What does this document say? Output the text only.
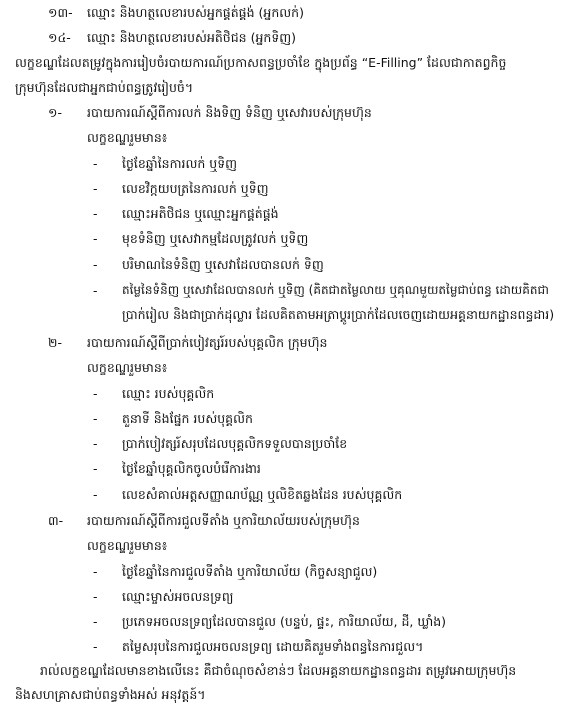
១៣- ឈ្មោះ និងហត្ថលេខារបស់អ្នកផ្គត់ផ្គង់ (អ្នកលក់)
១៤- ឈ្មោះ និងហត្ថលេខារបស់អតិថិជន (អ្នកទិញ)
លក្ខខណ្ឌដែលតម្រូវក្នុងការរៀបចំរបាយការណ៍ប្រកាសពន្ធប្រចាំខែ ក្នុងប្រព័ន្ធ “E-Filling” ដែលជាកាតព្វកិច្ច
ក្រុមហ៊ុនដែលជាអ្នកជាប់ពន្ធត្រូវរៀបចំ។
១- របាយការណ៍ស្តីពីការលក់ និងទិញ ទំនិញ ឬសេវារបស់ក្រុមហ៊ុន
លក្ខខណ្ឌរួមមាន៖
- ថ្ងៃខែឆ្នាំនៃការលក់ ឬទិញ
- លេខវិក្កយបត្រនៃការលក់ ឬទិញ
- ឈ្មោះអតិថិជន ឬឈ្មោះអ្នកផ្គត់ផ្គង់
- មុខទំនិញ ឬសេវាកម្មដែលត្រូវលក់ ឬទិញ
- បរិមាណនៃទំនិញ ឬសេវាដែលបានលក់ ទិញ
- តម្លៃនៃទំនិញ ឬសេវាដែលបានលក់ ឬទិញ (គិតជាតម្លៃលាយ ឬគុណមួយតម្លៃជាប់ពន្ធ ដោយគិតជា
ប្រាក់រៀល និងជាប្រាក់ដុល្លារ ដែលគិតតាមអត្រាប្តូរប្រាក់ដែលចេញដោយអគ្គនាយកដ្ឋានពន្ធដារ)
២- របាយការណ៍ស្តីពីប្រាក់បៀវត្សរ៍របស់បុគ្គលិក ក្រុមហ៊ុន
លក្ខខណ្ឌរួមមាន៖
- ឈ្មោះ របស់បុគ្គលិក
- តួនាទី និងផ្នែក របស់បុគ្គលិក
- ប្រាក់បៀវត្សរ៍សរុបដែលបុគ្គលិកទទួលបានប្រចាំខែ
- ថ្ងៃខែឆ្នាំបុគ្គលិកចូលបំរើការងារ
- លេខសំគាល់អត្តសញ្ញាណប័ណ្ណ ឬលិខិតឆ្លងដែន របស់បុគ្គលិក
៣- របាយការណ៍ស្តីពីការជួលទីតាំង ឬការិយាល័យរបស់ក្រុមហ៊ុន
លក្ខខណ្ឌរួមមាន៖
- ថ្ងៃខែឆ្នាំនៃការជួលទីតាំង ឬការិយាល័យ (កិច្ចសន្យាជួល)
- ឈ្មោះម្ចាស់អចលនទ្រព្យ
- ប្រភេទអចលនទ្រព្យដែលបានជួល (បន្ទប់, ផ្ទះ, ការិយាល័យ, ដី, ឃ្លាំង)
- តម្លៃសរុបនៃការជួលអចលនទ្រព្យ ដោយគិតរួមទាំងពន្ធនៃការជួល។
រាល់លក្ខខណ្ឌដែលមានខាងលើនេះ គឺជាចំណុចសំខាន់ៗ ដែលអគ្គនាយកដ្ឋានពន្ធដារ តម្រូវអោយក្រុមហ៊ុន
និងសហគ្រាសជាប់ពន្ធទាំងអស់ អនុវត្តន៍។
